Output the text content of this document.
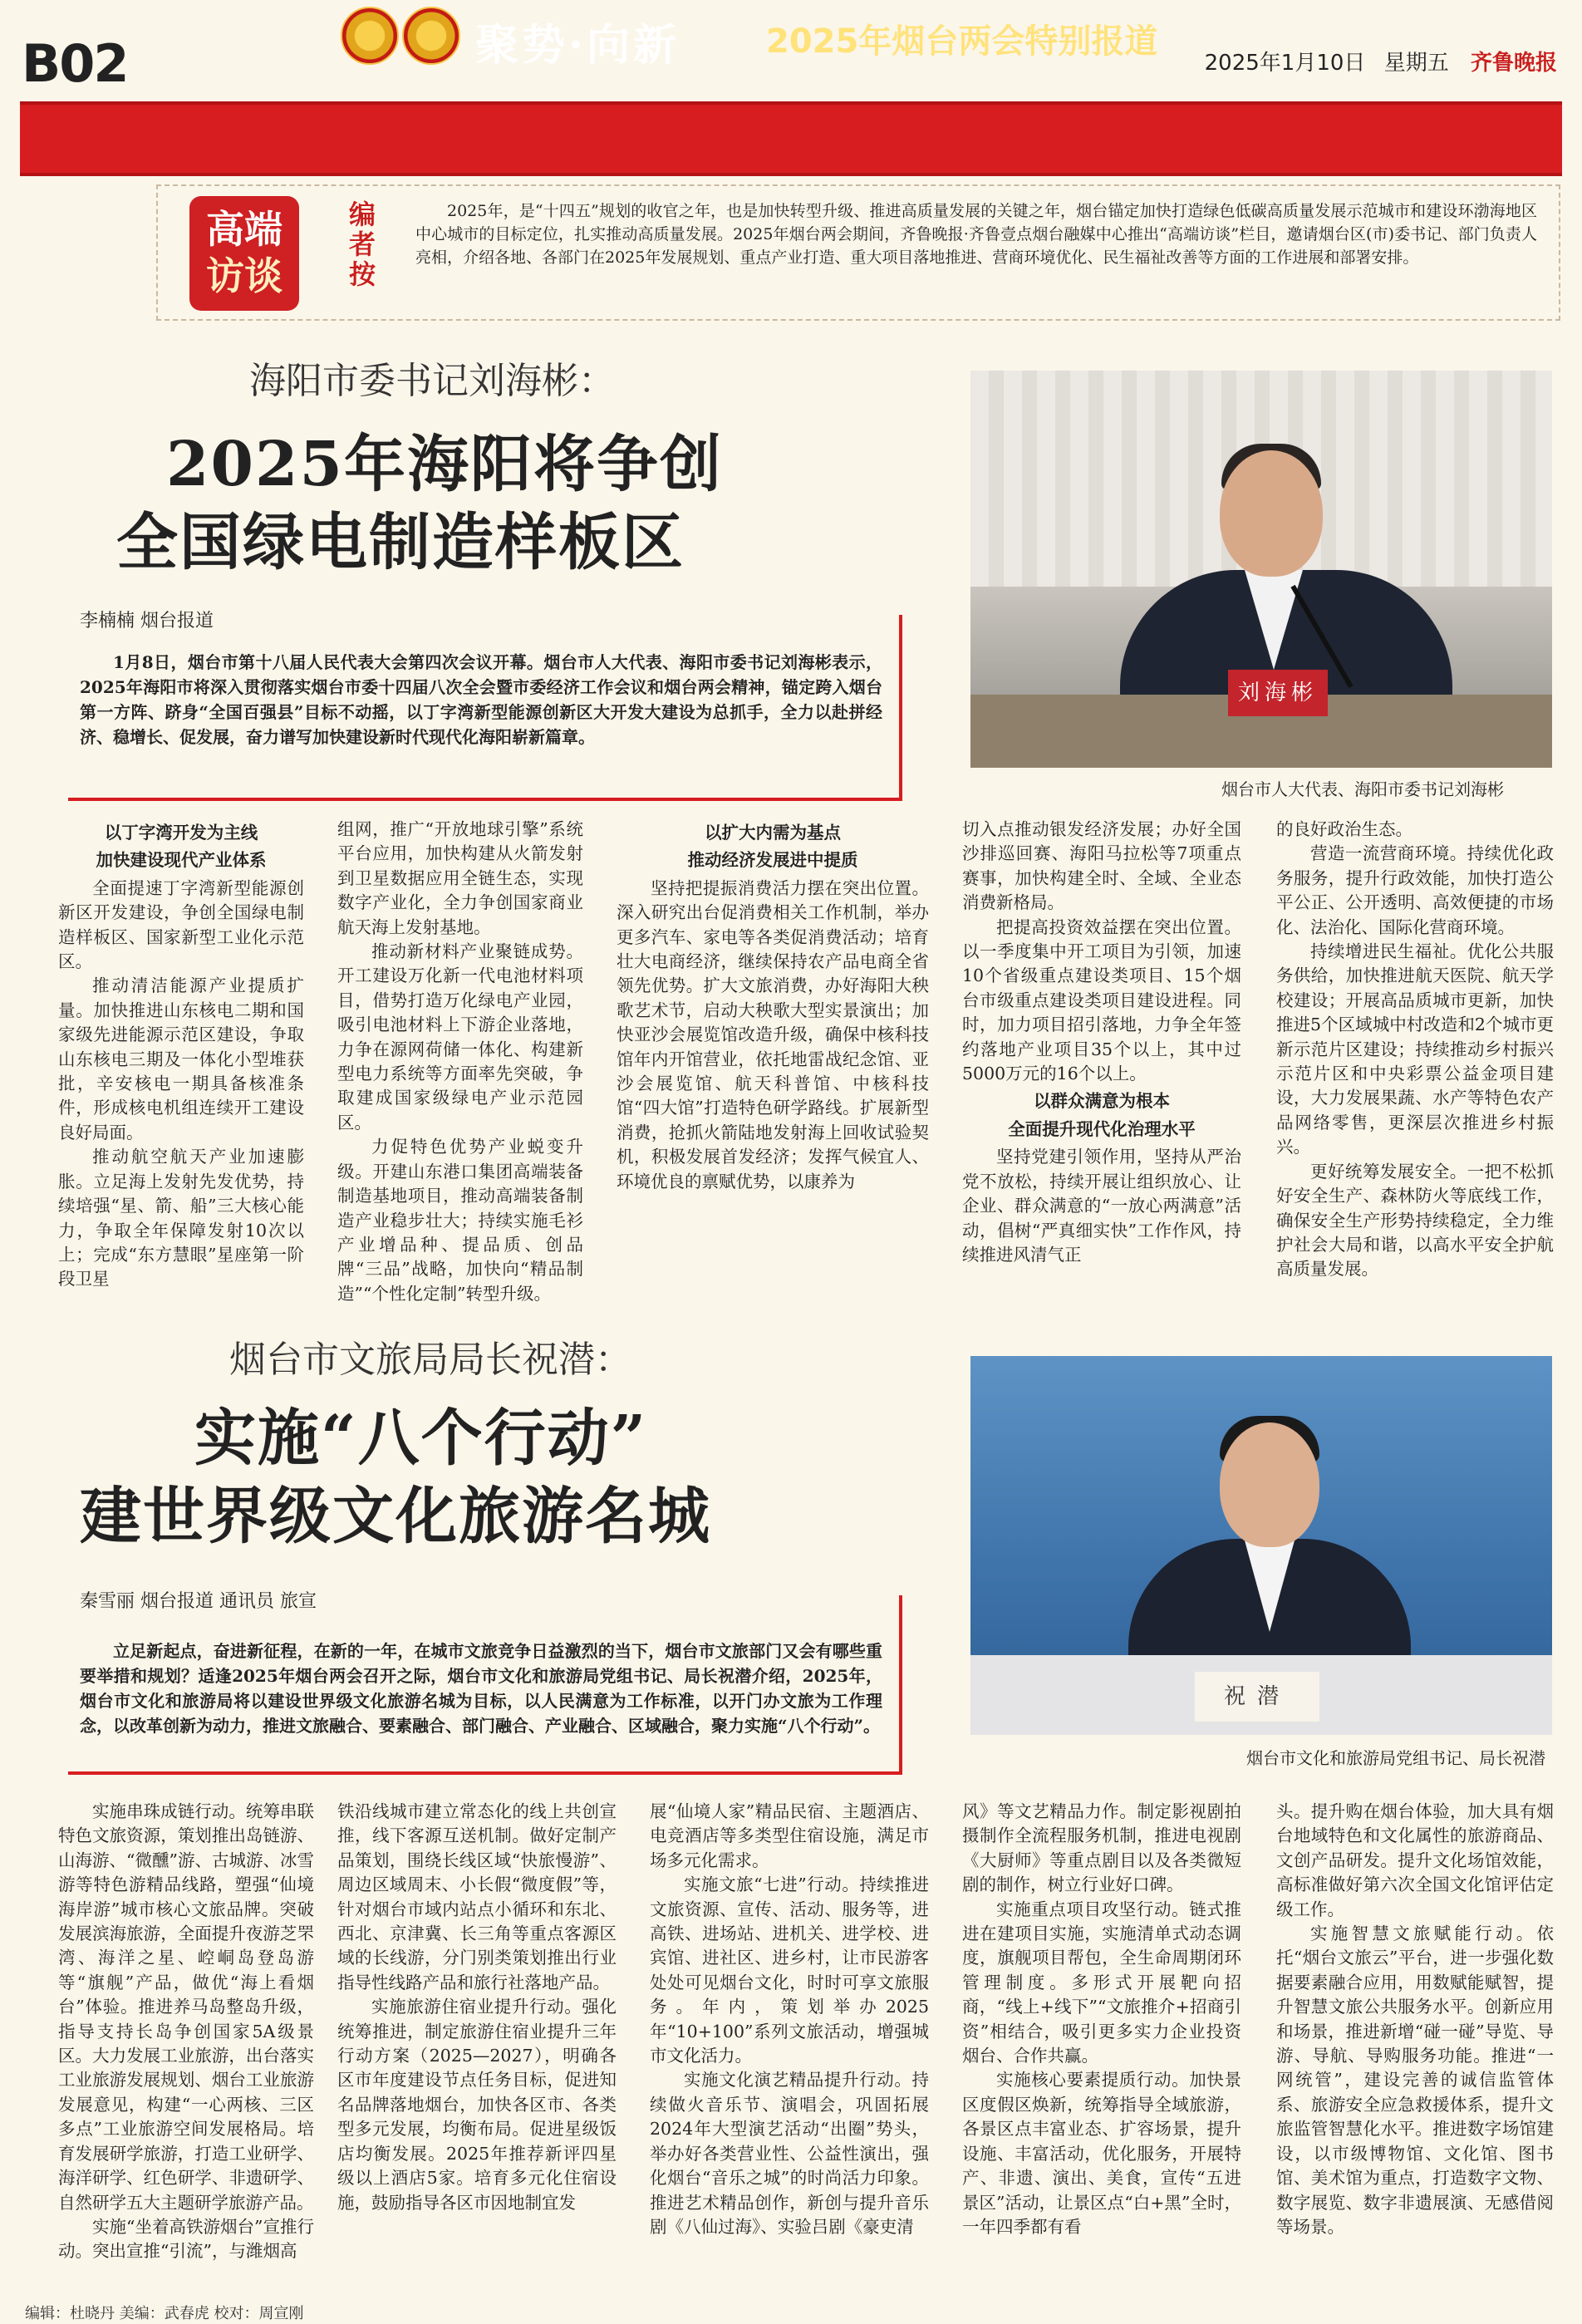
B02	2025年1月10日 星期五 齐鲁晚报
聚势·向新	2025年烟台两会特别报道
高端
访谈
编者按
2025年，是“十四五”规划的收官之年，也是加快转型升级、推进高质量发展的关键之年，烟台锚定加快打造绿色低碳高质量发展示范城市和建设环渤海地区中心城市的目标定位，扎实推动高质量发展。2025年烟台两会期间，齐鲁晚报·齐鲁壹点烟台融媒中心推出“高端访谈”栏目，邀请烟台区(市)委书记、部门负责人亮相，介绍各地、各部门在2025年发展规划、重点产业打造、重大项目落地推进、营商环境优化、民生福祉改善等方面的工作进展和部署安排。
海阳市委书记刘海彬：
2025年海阳将争创
全国绿电制造样板区
李楠楠 烟台报道
1月8日，烟台市第十八届人民代表大会第四次会议开幕。烟台市人大代表、海阳市委书记刘海彬表示，2025年海阳市将深入贯彻落实烟台市委十四届八次全会暨市委经济工作会议和烟台两会精神，锚定跨入烟台第一方阵、跻身“全国百强县”目标不动摇，以丁字湾新型能源创新区大开发大建设为总抓手，全力以赴拼经济、稳增长、促发展，奋力谱写加快建设新时代现代化海阳崭新篇章。
刘海彬
烟台市人大代表、海阳市委书记刘海彬

以丁字湾开发为主线

加快建设现代产业体系

全面提速丁字湾新型能源创新区开发建设，争创全国绿电制造样板区、国家新型工业化示范区。

推动清洁能源产业提质扩量。加快推进山东核电二期和国家级先进能源示范区建设，争取山东核电三期及一体化小型堆获批，辛安核电一期具备核准条件，形成核电机组连续开工建设良好局面。

推动航空航天产业加速膨胀。立足海上发射先发优势，持续培强“星、箭、船”三大核心能力，争取全年保障发射10次以上；完成“东方慧眼”星座第一阶段卫星

组网，推广“开放地球引擎”系统平台应用，加快构建从火箭发射到卫星数据应用全链生态，实现数字产业化，全力争创国家商业航天海上发射基地。

推动新材料产业聚链成势。开工建设万化新一代电池材料项目，借势打造万化绿电产业园，吸引电池材料上下游企业落地，力争在源网荷储一体化、构建新型电力系统等方面率先突破，争取建成国家级绿电产业示范园区。

力促特色优势产业蜕变升级。开建山东港口集团高端装备制造基地项目，推动高端装备制造产业稳步壮大；持续实施毛衫产业增品种、提品质、创品牌“三品”战略，加快向“精品制造”“个性化定制”转型升级。

以扩大内需为基点

推动经济发展进中提质

坚持把提振消费活力摆在突出位置。深入研究出台促消费相关工作机制，举办更多汽车、家电等各类促消费活动；培育壮大电商经济，继续保持农产品电商全省领先优势。扩大文旅消费，办好海阳大秧歌艺术节，启动大秧歌大型实景演出；加快亚沙会展览馆改造升级，确保中核科技馆年内开馆营业，依托地雷战纪念馆、亚沙会展览馆、航天科普馆、中核科技馆“四大馆”打造特色研学路线。扩展新型消费，抢抓火箭陆地发射海上回收试验契机，积极发展首发经济；发挥气候宜人、环境优良的禀赋优势，以康养为

切入点推动银发经济发展；办好全国沙排巡回赛、海阳马拉松等7项重点赛事，加快构建全时、全域、全业态消费新格局。

把提高投资效益摆在突出位置。以一季度集中开工项目为引领，加速10个省级重点建设类项目、15个烟台市级重点建设类项目建设进程。同时，加力项目招引落地，力争全年签约落地产业项目35个以上，其中过5000万元的16个以上。

以群众满意为根本

全面提升现代化治理水平

坚持党建引领作用，坚持从严治党不放松，持续开展让组织放心、让企业、群众满意的“一放心两满意”活动，倡树“严真细实快”工作作风，持续推进风清气正

的良好政治生态。

营造一流营商环境。持续优化政务服务，提升行政效能，加快打造公平公正、公开透明、高效便捷的市场化、法治化、国际化营商环境。

持续增进民生福祉。优化公共服务供给，加快推进航天医院、航天学校建设；开展高品质城市更新，加快推进5个区域城中村改造和2个城市更新示范片区建设；持续推动乡村振兴示范片区和中央彩票公益金项目建设，大力发展果蔬、水产等特色农产品网络零售，更深层次推进乡村振兴。

更好统筹发展安全。一把不松抓好安全生产、森林防火等底线工作，确保安全生产形势持续稳定，全力维护社会大局和谐，以高水平安全护航高质量发展。

烟台市文旅局局长祝潜：
实施“八个行动”
建世界级文化旅游名城
秦雪丽 烟台报道 通讯员 旅宣
立足新起点，奋进新征程，在新的一年，在城市文旅竞争日益激烈的当下，烟台市文旅部门又会有哪些重要举措和规划？适逢2025年烟台两会召开之际，烟台市文化和旅游局党组书记、局长祝潜介绍，2025年，烟台市文化和旅游局将以建设世界级文化旅游名城为目标，以人民满意为工作标准，以开门办文旅为工作理念，以改革创新为动力，推进文旅融合、要素融合、部门融合、产业融合、区域融合，聚力实施“八个行动”。
祝潜
烟台市文化和旅游局党组书记、局长祝潜

实施串珠成链行动。统筹串联特色文旅资源，策划推出岛链游、山海游、“微醺”游、古城游、冰雪游等特色游精品线路，塑强“仙境海岸游”城市核心文旅品牌。突破发展滨海旅游，全面提升夜游芝罘湾、海洋之星、崆峒岛登岛游等“旗舰”产品，做优“海上看烟台”体验。推进养马岛整岛升级，指导支持长岛争创国家5A级景区。大力发展工业旅游，出台落实工业旅游发展规划、烟台工业旅游发展意见，构建“一心两核、三区多点”工业旅游空间发展格局。培育发展研学旅游，打造工业研学、海洋研学、红色研学、非遗研学、自然研学五大主题研学旅游产品。

实施“坐着高铁游烟台”宣推行动。突出宣推“引流”，与潍烟高

铁沿线城市建立常态化的线上共创宣推，线下客源互送机制。做好定制产品策划，围绕长线区域“快旅慢游”、周边区域周末、小长假“微度假”等，针对烟台市域内站点小循环和东北、西北、京津冀、长三角等重点客源区域的长线游，分门别类策划推出行业指导性线路产品和旅行社落地产品。

实施旅游住宿业提升行动。强化统筹推进，制定旅游住宿业提升三年行动方案（2025—2027），明确各区市年度建设节点任务目标，促进知名品牌落地烟台，加快各区市、各类型多元发展，均衡布局。促进星级饭店均衡发展。2025年推荐新评四星级以上酒店5家。培育多元化住宿设施，鼓励指导各区市因地制宜发

展“仙境人家”精品民宿、主题酒店、电竞酒店等多类型住宿设施，满足市场多元化需求。

实施文旅“七进”行动。持续推进文旅资源、宣传、活动、服务等，进高铁、进场站、进机关、进学校、进宾馆、进社区、进乡村，让市民游客处处可见烟台文化，时时可享文旅服务。年内，策划举办2025年“10+100”系列文旅活动，增强城市文化活力。

实施文化演艺精品提升行动。持续做火音乐节、演唱会，巩固拓展2024年大型演艺活动“出圈”势头，举办好各类营业性、公益性演出，强化烟台“音乐之城”的时尚活力印象。推进艺术精品创作，新创与提升音乐剧《八仙过海》、实验吕剧《豪吏清

风》等文艺精品力作。制定影视剧拍摄制作全流程服务机制，推进电视剧《大厨师》等重点剧目以及各类微短剧的制作，树立行业好口碑。

实施重点项目攻坚行动。链式推进在建项目实施，实施清单式动态调度，旗舰项目帮包，全生命周期闭环管理制度。多形式开展靶向招商，“线上+线下”“文旅推介+招商引资”相结合，吸引更多实力企业投资烟台、合作共赢。

实施核心要素提质行动。加快景区度假区焕新，统筹指导全域旅游，各景区点丰富业态、扩容场景，提升设施、丰富活动，优化服务，开展特产、非遗、演出、美食，宣传“五进景区”活动，让景区点“白+黑”全时，一年四季都有看

头。提升购在烟台体验，加大具有烟台地域特色和文化属性的旅游商品、文创产品研发。提升文化场馆效能，高标准做好第六次全国文化馆评估定级工作。

实施智慧文旅赋能行动。依托“烟台文旅云”平台，进一步强化数据要素融合应用，用数赋能赋智，提升智慧文旅公共服务水平。创新应用和场景，推进新增“碰一碰”导览、导游、导航、导购服务功能。推进“一网统管”，建设完善的诚信监管体系、旅游安全应急救援体系，提升文旅监管智慧化水平。推进数字场馆建设，以市级博物馆、文化馆、图书馆、美术馆为重点，打造数字文物、数字展览、数字非遗展演、无感借阅等场景。

编辑：杜晓丹 美编：武春虎 校对：周宣刚
